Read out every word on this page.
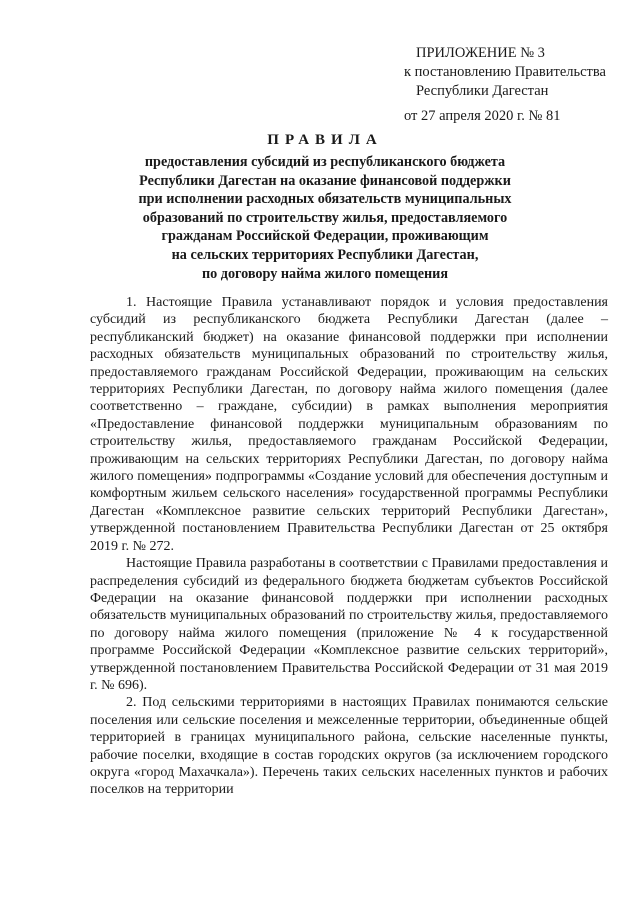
ПРИЛОЖЕНИЕ № 3
к постановлению Правительства
Республики Дагестан
от 27 апреля 2020 г. № 81
ПРАВИЛА
предоставления субсидий из республиканского бюджета
Республики Дагестан на оказание финансовой поддержки
при исполнении расходных обязательств муниципальных
образований по строительству жилья, предоставляемого
гражданам Российской Федерации, проживающим
на сельских территориях Республики Дагестан,
по договору найма жилого помещения

1. Настоящие Правила устанавливают порядок и условия предоставления субсидий из республиканского бюджета Республики Дагестан (далее – республиканский бюджет) на оказание финансовой поддержки при исполнении расходных обязательств муниципальных образований по строительству жилья, предоставляемого гражданам Российской Федерации, проживающим на сельских территориях Республики Дагестан, по договору найма жилого помещения (далее соответственно – граждане, субсидии) в рамках выполнения мероприятия «Предоставление финансовой поддержки муниципальным образованиям по строительству жилья, предоставляемого гражданам Российской Федерации, проживающим на сельских территориях Республики Дагестан, по договору найма жилого помещения» подпрограммы «Создание условий для обеспечения доступным и комфортным жильем сельского населения» государственной программы Республики Дагестан «Комплексное развитие сельских территорий Республики Дагестан», утвержденной постановлением Правительства Республики Дагестан от 25 октября 2019 г. № 272.

Настоящие Правила разработаны в соответствии с Правилами предоставления и распределения субсидий из федерального бюджета бюджетам субъектов Российской Федерации на оказание финансовой поддержки при исполнении расходных обязательств муниципальных образований по строительству жилья, предоставляемого по договору найма жилого помещения (приложение № 4 к государственной программе Российской Федерации «Комплексное развитие сельских территорий», утвержденной постановлением Правительства Российской Федерации от 31 мая 2019 г. № 696).

2. Под сельскими территориями в настоящих Правилах понимаются сельские поселения или сельские поселения и межселенные территории, объединенные общей территорией в границах муниципального района, сельские населенные пункты, рабочие поселки, входящие в состав городских округов (за исключением городского округа «город Махачкала»). Перечень таких сельских населенных пунктов и рабочих поселков на территории
